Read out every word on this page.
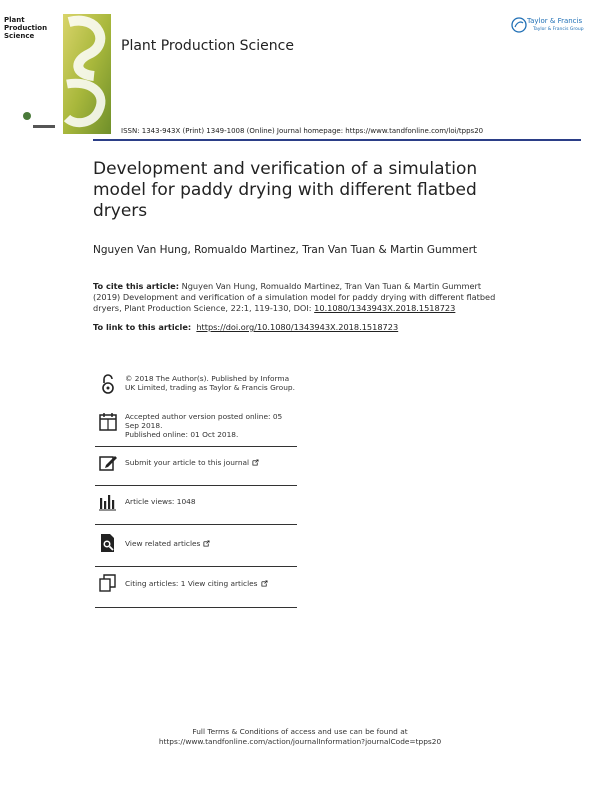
Plant Production Science
Plant Production Science
Taylor & Francis
Taylor & Francis Group
ISSN: 1343-943X (Print) 1349-1008 (Online) Journal homepage: https://www.tandfonline.com/loi/tpps20
Development and verification of a simulation model for paddy drying with different flatbed dryers
Nguyen Van Hung, Romualdo Martinez, Tran Van Tuan & Martin Gummert
To cite this article: Nguyen Van Hung, Romualdo Martinez, Tran Van Tuan & Martin Gummert (2019) Development and verification of a simulation model for paddy drying with different flatbed dryers, Plant Production Science, 22:1, 119-130, DOI: 10.1080/1343943X.2018.1518723
To link to this article: https://doi.org/10.1080/1343943X.2018.1518723
© 2018 The Author(s). Published by Informa UK Limited, trading as Taylor & Francis Group.
Accepted author version posted online: 05 Sep 2018.
Published online: 01 Oct 2018.
Submit your article to this journal
Article views: 1048
View related articles
Citing articles: 1 View citing articles
Full Terms & Conditions of access and use can be found at
https://www.tandfonline.com/action/journalInformation?journalCode=tpps20
